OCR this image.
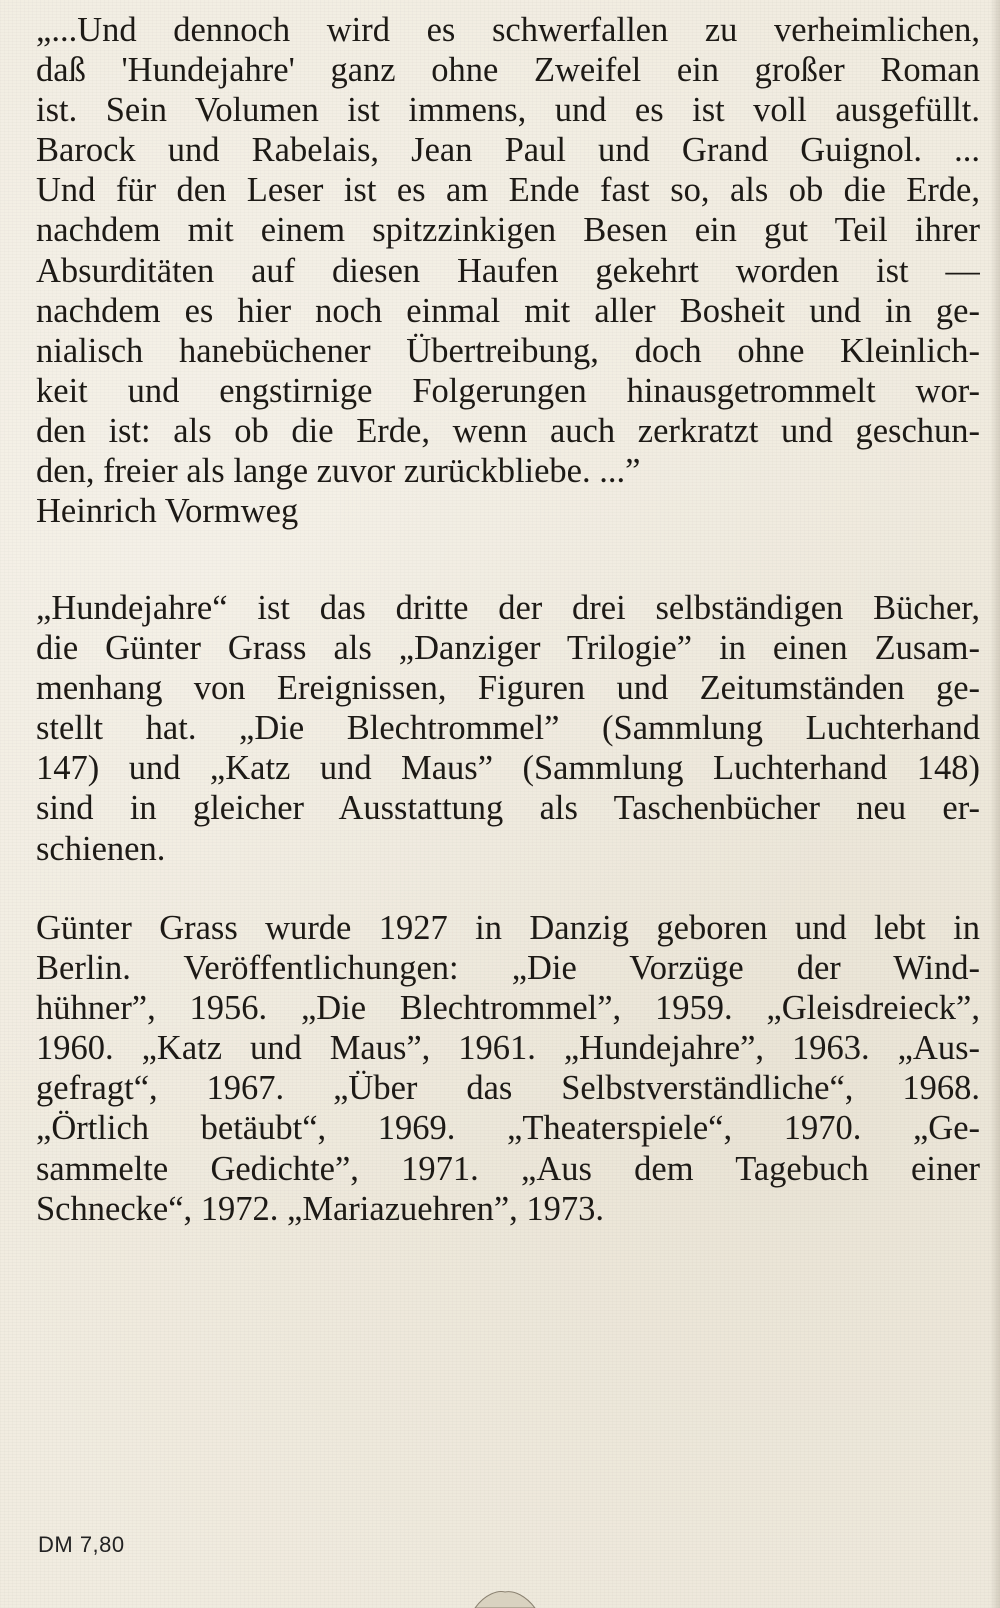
„...Und dennoch wird es schwerfallen zu verheimlichen,
daß 'Hundejahre' ganz ohne Zweifel ein großer Roman
ist. Sein Volumen ist immens, und es ist voll ausgefüllt.
Barock und Rabelais, Jean Paul und Grand Guignol. ...
Und für den Leser ist es am Ende fast so, als ob die Erde,
nachdem mit einem spitzzinkigen Besen ein gut Teil ihrer
Absurditäten auf diesen Haufen gekehrt worden ist —
nachdem es hier noch einmal mit aller Bosheit und in ge-
nialisch hanebüchener Übertreibung, doch ohne Kleinlich-
keit und engstirnige Folgerungen hinausgetrommelt wor-
den ist: als ob die Erde, wenn auch zerkratzt und geschun-
den, freier als lange zuvor zurückbliebe. ...”
Heinrich Vormweg
„Hundejahre“ ist das dritte der drei selbständigen Bücher,
die Günter Grass als „Danziger Trilogie” in einen Zusam-
menhang von Ereignissen, Figuren und Zeitumständen ge-
stellt hat. „Die Blechtrommel” (Sammlung Luchterhand
147) und „Katz und Maus” (Sammlung Luchterhand 148)
sind in gleicher Ausstattung als Taschenbücher neu er-
schienen.
Günter Grass wurde 1927 in Danzig geboren und lebt in
Berlin. Veröffentlichungen: „Die Vorzüge der Wind-
hühner”, 1956. „Die Blechtrommel”, 1959. „Gleisdreieck”,
1960. „Katz und Maus”, 1961. „Hundejahre”, 1963. „Aus-
gefragt“, 1967. „Über das Selbstverständliche“, 1968.
„Örtlich betäubt“, 1969. „Theaterspiele“, 1970. „Ge-
sammelte Gedichte”, 1971. „Aus dem Tagebuch einer
Schnecke“, 1972. „Mariazuehren”, 1973.
DM 7,80
